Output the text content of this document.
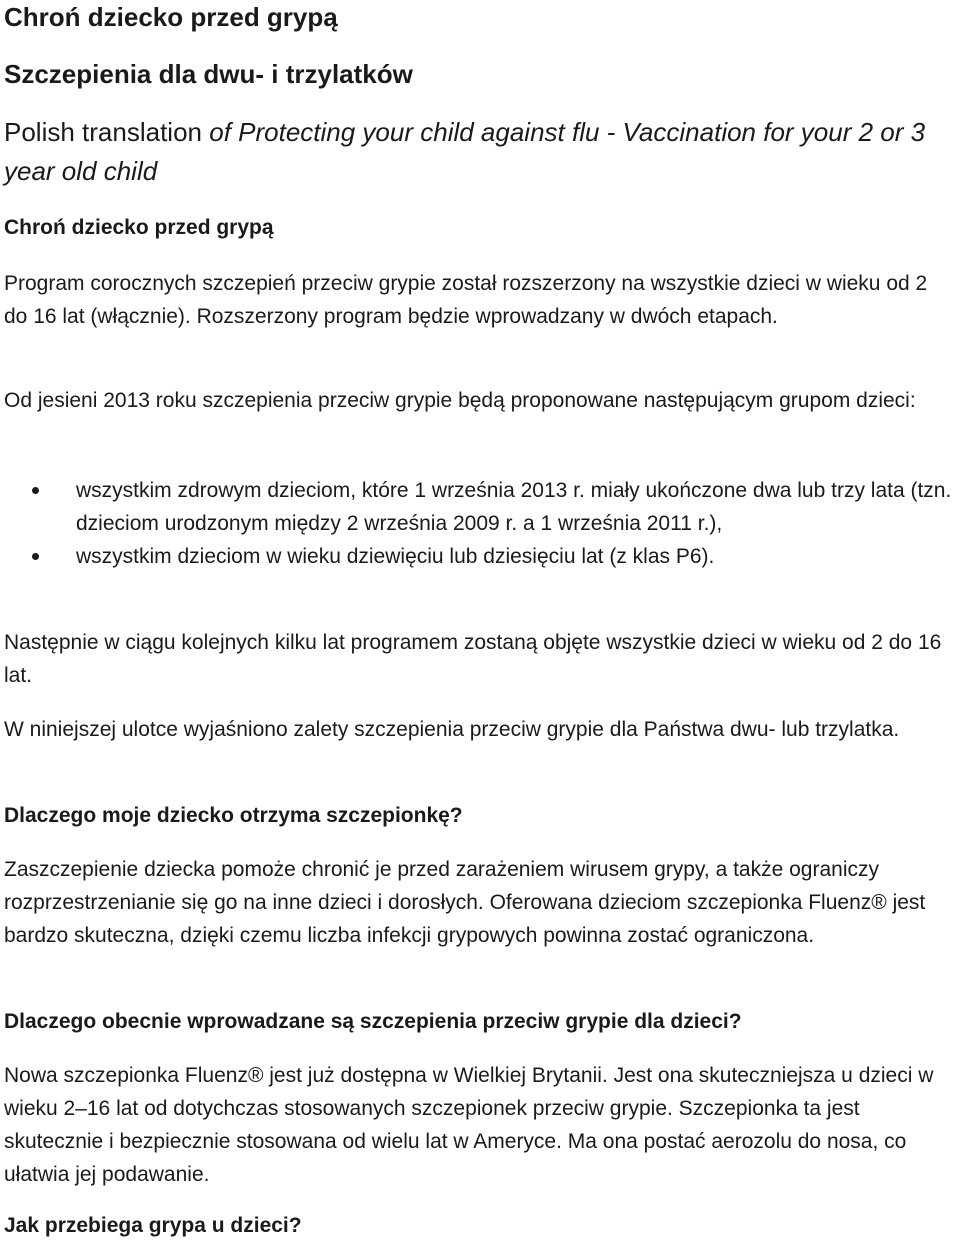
Chroń dziecko przed grypą
Szczepienia dla dwu- i trzylatków

Polish translation of Protecting your child against flu - Vaccination for your 2 or 3 year old child

Chroń dziecko przed grypą

Program corocznych szczepień przeciw grypie został rozszerzony na wszystkie dzieci w wieku od 2 do 16 lat (włącznie). Rozszerzony program będzie wprowadzany w dwóch etapach.

Od jesieni 2013 roku szczepienia przeciw grypie będą proponowane następującym grupom dzieci:

wszystkim zdrowym dzieciom, które 1 września 2013 r. miały ukończone dwa lub trzy lata (tzn. dzieciom urodzonym między 2 września 2009 r. a 1 września 2011 r.),
wszystkim dzieciom w wieku dziewięciu lub dziesięciu lat (z klas P6).

Następnie w ciągu kolejnych kilku lat programem zostaną objęte wszystkie dzieci w wieku od 2 do 16 lat.

W niniejszej ulotce wyjaśniono zalety szczepienia przeciw grypie dla Państwa dwu- lub trzylatka.

Dlaczego moje dziecko otrzyma szczepionkę?

Zaszczepienie dziecka pomoże chronić je przed zarażeniem wirusem grypy, a także ograniczy rozprzestrzenianie się go na inne dzieci i dorosłych. Oferowana dzieciom szczepionka Fluenz® jest bardzo skuteczna, dzięki czemu liczba infekcji grypowych powinna zostać ograniczona.

Dlaczego obecnie wprowadzane są szczepienia przeciw grypie dla dzieci?

Nowa szczepionka Fluenz® jest już dostępna w Wielkiej Brytanii. Jest ona skuteczniejsza u dzieci w wieku 2–16 lat od dotychczas stosowanych szczepionek przeciw grypie. Szczepionka ta jest skutecznie i bezpiecznie stosowana od wielu lat w Ameryce. Ma ona postać aerozolu do nosa, co ułatwia jej podawanie.

Jak przebiega grypa u dzieci?
